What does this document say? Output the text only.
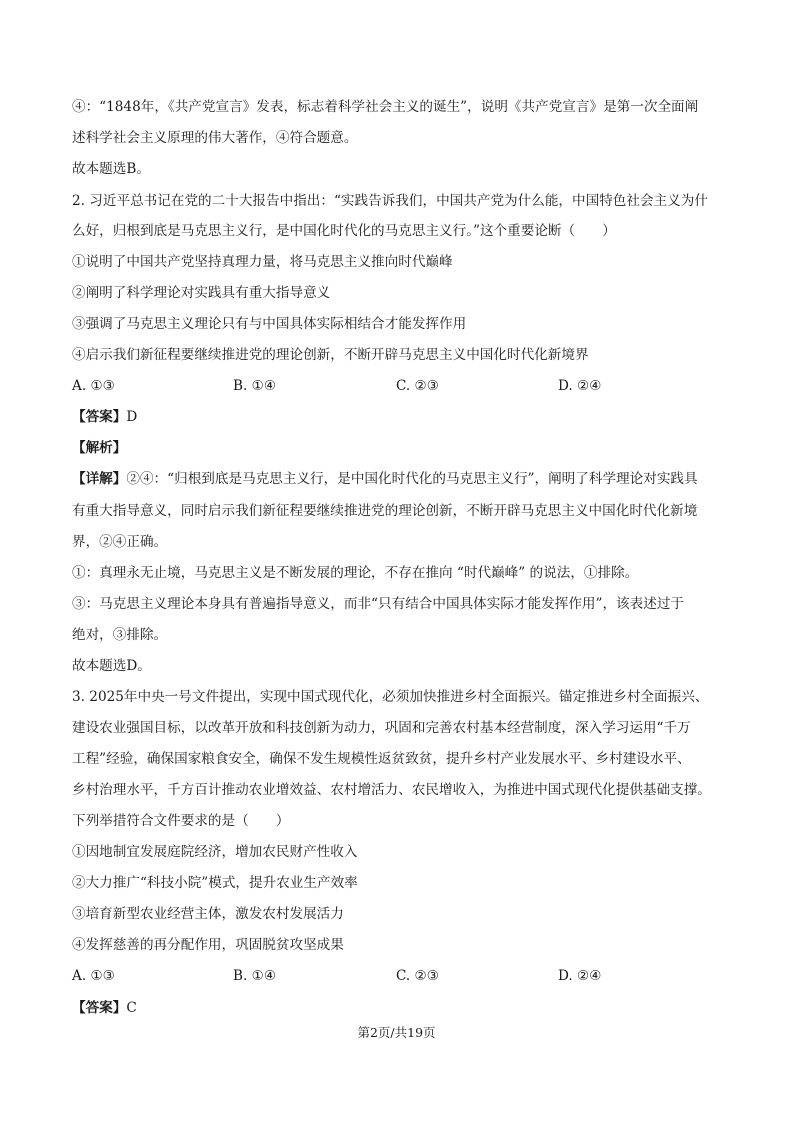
④：“1848年，《共产党宣言》发表，标志着科学社会主义的诞生”，说明《共产党宣言》是第一次全面阐
述科学社会主义原理的伟大著作，④符合题意。
故本题选B。
2. 习近平总书记在党的二十大报告中指出：“实践告诉我们，中国共产党为什么能，中国特色社会主义为什
么好，归根到底是马克思主义行，是中国化时代化的马克思主义行。”这个重要论断（　　）
①说明了中国共产党坚持真理力量，将马克思主义推向时代巅峰
②阐明了科学理论对实践具有重大指导意义
③强调了马克思主义理论只有与中国具体实际相结合才能发挥作用
④启示我们新征程要继续推进党的理论创新，不断开辟马克思主义中国化时代化新境界
A. ①③	B. ①④	C. ②③	D. ②④
【答案】D
【解析】
【详解】②④：“归根到底是马克思主义行，是中国化时代化的马克思主义行”，阐明了科学理论对实践具
有重大指导意义，同时启示我们新征程要继续推进党的理论创新，不断开辟马克思主义中国化时代化新境
界，②④正确。
①：真理永无止境，马克思主义是不断发展的理论，不存在推向 “时代巅峰” 的说法，①排除。
③：马克思主义理论本身具有普遍指导意义，而非“只有结合中国具体实际才能发挥作用”，该表述过于
绝对，③排除。
故本题选D。
3. 2025年中央一号文件提出，实现中国式现代化，必须加快推进乡村全面振兴。锚定推进乡村全面振兴、
建设农业强国目标，以改革开放和科技创新为动力，巩固和完善农村基本经营制度，深入学习运用“千万
工程”经验，确保国家粮食安全，确保不发生规模性返贫致贫，提升乡村产业发展水平、乡村建设水平、
乡村治理水平，千方百计推动农业增效益、农村增活力、农民增收入，为推进中国式现代化提供基础支撑。
下列举措符合文件要求的是（　　）
①因地制宜发展庭院经济，增加农民财产性收入
②大力推广“科技小院”模式，提升农业生产效率
③培育新型农业经营主体，激发农村发展活力
④发挥慈善的再分配作用，巩固脱贫攻坚成果
A. ①③	B. ①④	C. ②③	D. ②④
【答案】C
第2页/共19页
